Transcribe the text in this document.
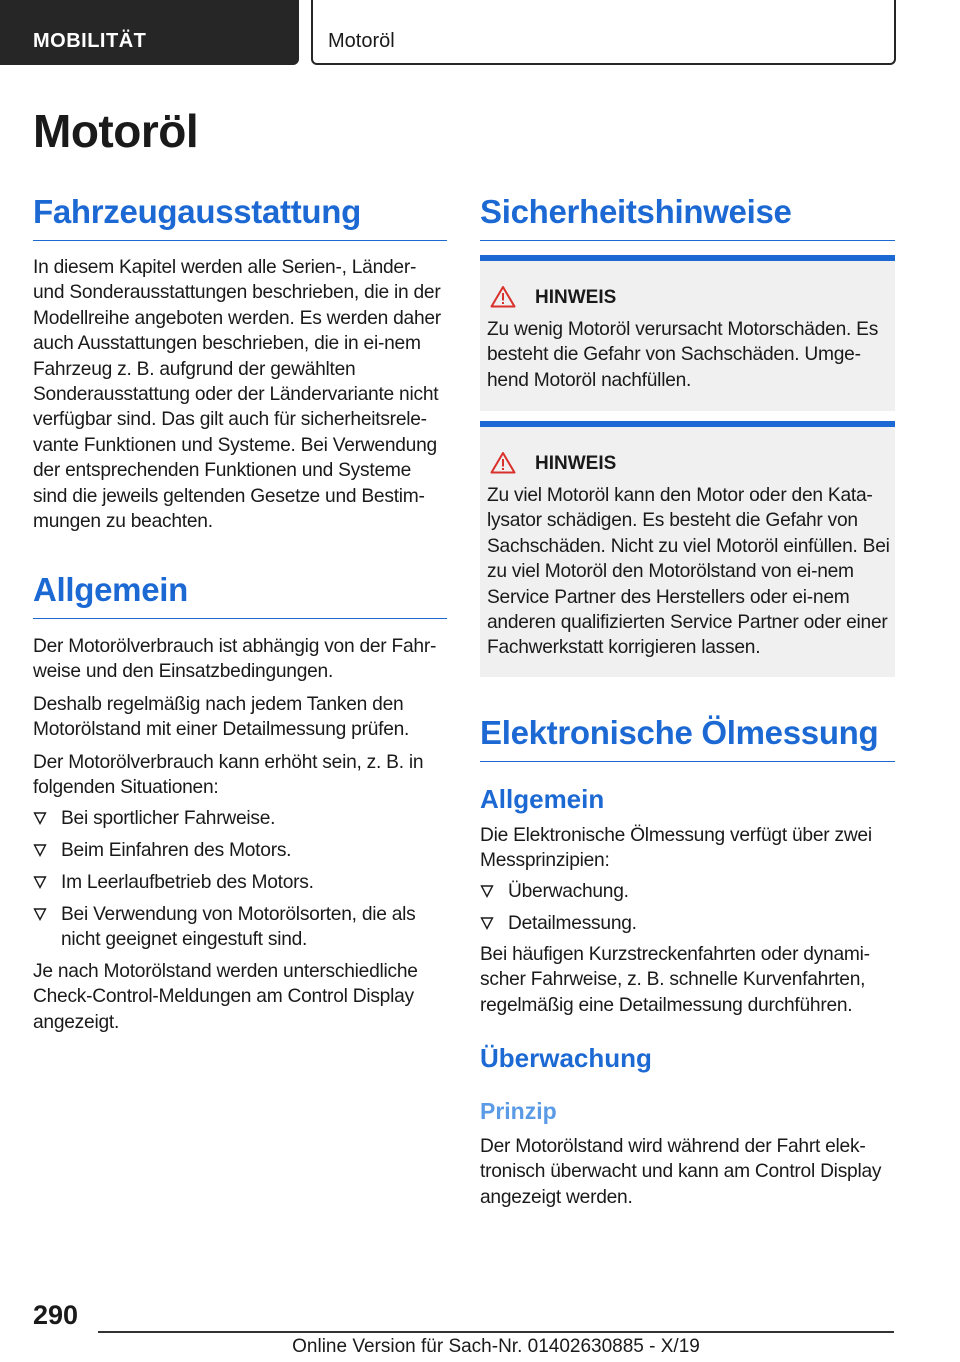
MOBILITÄT	Motoröl
Motoröl
Fahrzeugausstattung

In diesem Kapitel werden alle Serien-, Länder- und Sonderausstattungen beschrieben, die in der Modellreihe angeboten werden. Es werden daher auch Ausstattungen beschrieben, die in ei-nem Fahrzeug z. B. aufgrund der gewählten Sonderausstattung oder der Ländervariante nicht verfügbar sind. Das gilt auch für sicherheitsrele-vante Funktionen und Systeme. Bei Verwendung der entsprechenden Funktionen und Systeme sind die jeweils geltenden Gesetze und Bestim-mungen zu beachten.

Allgemein

Der Motorölverbrauch ist abhängig von der Fahr-weise und den Einsatzbedingungen.

Deshalb regelmäßig nach jedem Tanken den Motorölstand mit einer Detailmessung prüfen.

Der Motorölverbrauch kann erhöht sein, z. B. in folgenden Situationen:

Bei sportlicher Fahrweise.
Beim Einfahren des Motors.
Im Leerlaufbetrieb des Motors.
Bei Verwendung von Motorölsorten, die als nicht geeignet eingestuft sind.

Je nach Motorölstand werden unterschiedliche Check-Control-Meldungen am Control Display angezeigt.

Sicherheitshinweise
HINWEIS

Zu wenig Motoröl verursacht Motorschäden. Es besteht die Gefahr von Sachschäden. Umge-hend Motoröl nachfüllen.

HINWEIS

Zu viel Motoröl kann den Motor oder den Kata-lysator schädigen. Es besteht die Gefahr von Sachschäden. Nicht zu viel Motoröl einfüllen. Bei zu viel Motoröl den Motorölstand von ei-nem Service Partner des Herstellers oder ei-nem anderen qualifizierten Service Partner oder einer Fachwerkstatt korrigieren lassen.

Elektronische Ölmessung
Allgemein

Die Elektronische Ölmessung verfügt über zwei Messprinzipien:

Überwachung.
Detailmessung.

Bei häufigen Kurzstreckenfahrten oder dynami-scher Fahrweise, z. B. schnelle Kurvenfahrten, regelmäßig eine Detailmessung durchführen.

Überwachung
Prinzip

Der Motorölstand wird während der Fahrt elek-tronisch überwacht und kann am Control Display angezeigt werden.

290
Online Version für Sach-Nr. 01402630885 - X/19
